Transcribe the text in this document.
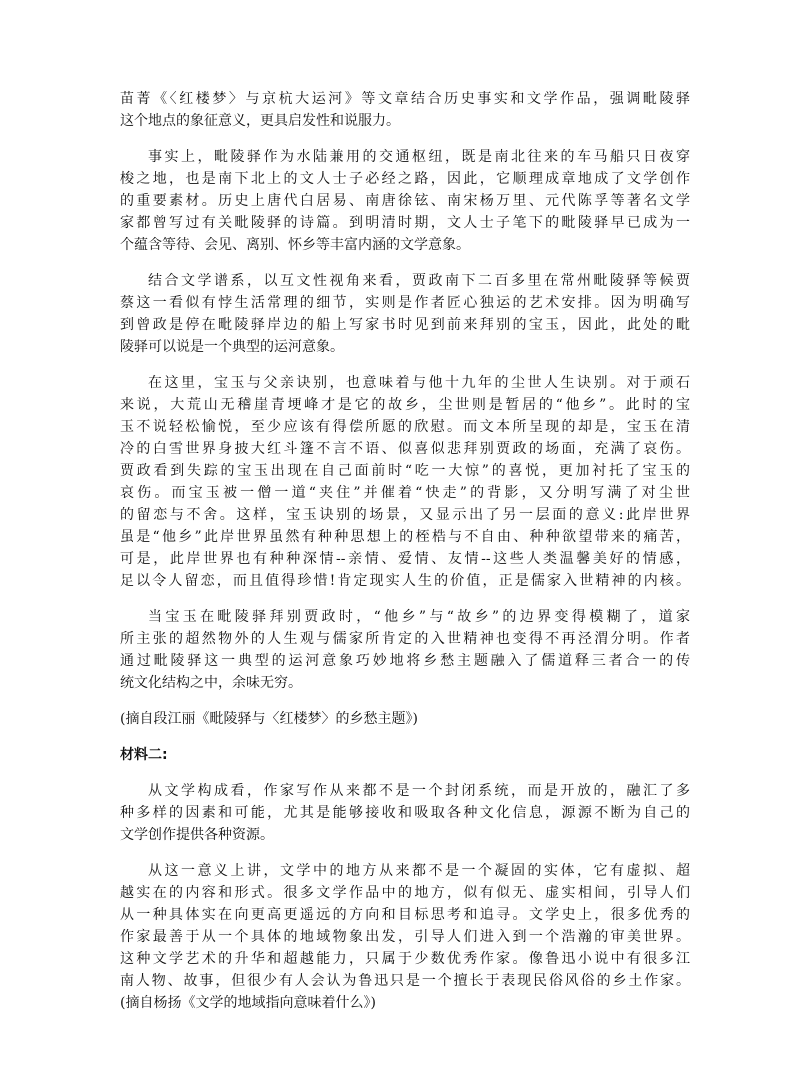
苗菁《〈红楼梦〉与京杭大运河》等文章结合历史事实和文学作品，强调毗陵驿
这个地点的象征意义，更具启发性和说服力。

事实上，毗陵驿作为水陆兼用的交通枢纽，既是南北往来的车马船只日夜穿
梭之地，也是南下北上的文人士子必经之路，因此，它顺理成章地成了文学创作
的重要素材。历史上唐代白居易、南唐徐铉、南宋杨万里、元代陈孚等著名文学
家都曾写过有关毗陵驿的诗篇。到明清时期，文人士子笔下的毗陵驿早已成为一
个蕴含等待、会见、离别、怀乡等丰富内涵的文学意象。

结合文学谱系，以互文性视角来看，贾政南下二百多里在常州毗陵驿等候贾
蔡这一看似有悖生活常理的细节，实则是作者匠心独运的艺术安排。因为明确写
到曾政是停在毗陵驿岸边的船上写家书时见到前来拜别的宝玉，因此，此处的毗
陵驿可以说是一个典型的运河意象。

在这里，宝玉与父亲诀别，也意味着与他十九年的尘世人生诀别。对于顽石
来说，大荒山无稽崖青埂峰才是它的故乡，尘世则是暂居的“他乡”。此时的宝
玉不说轻松愉悦，至少应该有得偿所愿的欣慰。而文本所呈现的却是，宝玉在清
冷的白雪世界身披大红斗篷不言不语、似喜似悲拜别贾政的场面，充满了哀伤。
贾政看到失踪的宝玉出现在自己面前时“吃一大惊”的喜悦，更加衬托了宝玉的
哀伤。而宝玉被一僧一道“夹住”并催着“快走”的背影，又分明写满了对尘世
的留恋与不舍。这样，宝玉诀别的场景，又显示出了另一层面的意义:此岸世界
虽是“他乡”此岸世界虽然有种种思想上的桎梏与不自由、种种欲望带来的痛苦，
可是，此岸世界也有种种深情--亲情、爱情、友情--这些人类温馨美好的情感，
足以令人留恋，而且值得珍惜!肯定现实人生的价值，正是儒家入世精神的内核。

当宝玉在毗陵驿拜别贾政时，“他乡”与“故乡”的边界变得模糊了，道家
所主张的超然物外的人生观与儒家所肯定的入世精神也变得不再泾渭分明。作者
通过毗陵驿这一典型的运河意象巧妙地将乡愁主题融入了儒道释三者合一的传
统文化结构之中，余味无穷。

(摘自段江丽《毗陵驿与〈红楼梦〉的乡愁主题》)

材料二:

从文学构成看，作家写作从来都不是一个封闭系统，而是开放的，融汇了多
种多样的因素和可能，尤其是能够接收和吸取各种文化信息，源源不断为自己的
文学创作提供各种资源。

从这一意义上讲，文学中的地方从来都不是一个凝固的实体，它有虚拟、超
越实在的内容和形式。很多文学作品中的地方，似有似无、虚实相间，引导人们
从一种具体实在向更高更遥远的方向和目标思考和追寻。文学史上，很多优秀的
作家最善于从一个具体的地域物象出发，引导人们进入到一个浩瀚的审美世界。
这种文学艺术的升华和超越能力，只属于少数优秀作家。像鲁迅小说中有很多江
南人物、故事，但很少有人会认为鲁迅只是一个擅长于表现民俗风俗的乡土作家。
(摘自杨扬《文学的地域指向意味着什么》)
